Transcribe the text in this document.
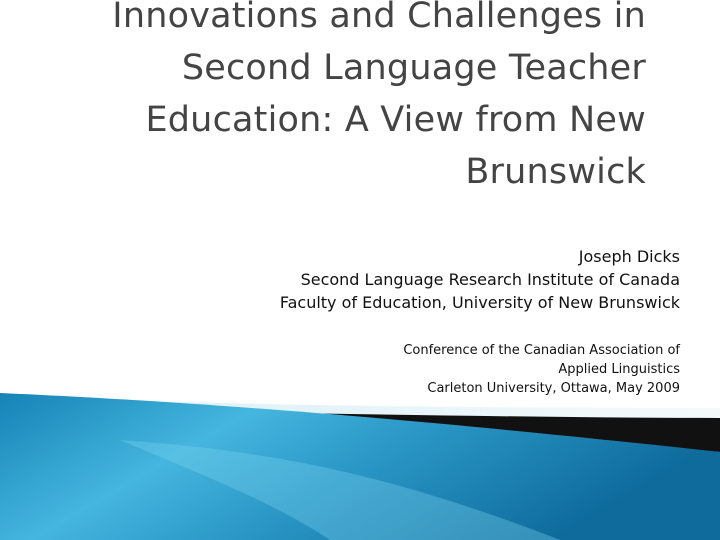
Innovations and Challenges in
Second Language Teacher
Education: A View from New
Brunswick
Joseph Dicks
Second Language Research Institute of Canada
Faculty of Education, University of New Brunswick
Conference of the Canadian Association of
Applied Linguistics
Carleton University, Ottawa, May 2009
